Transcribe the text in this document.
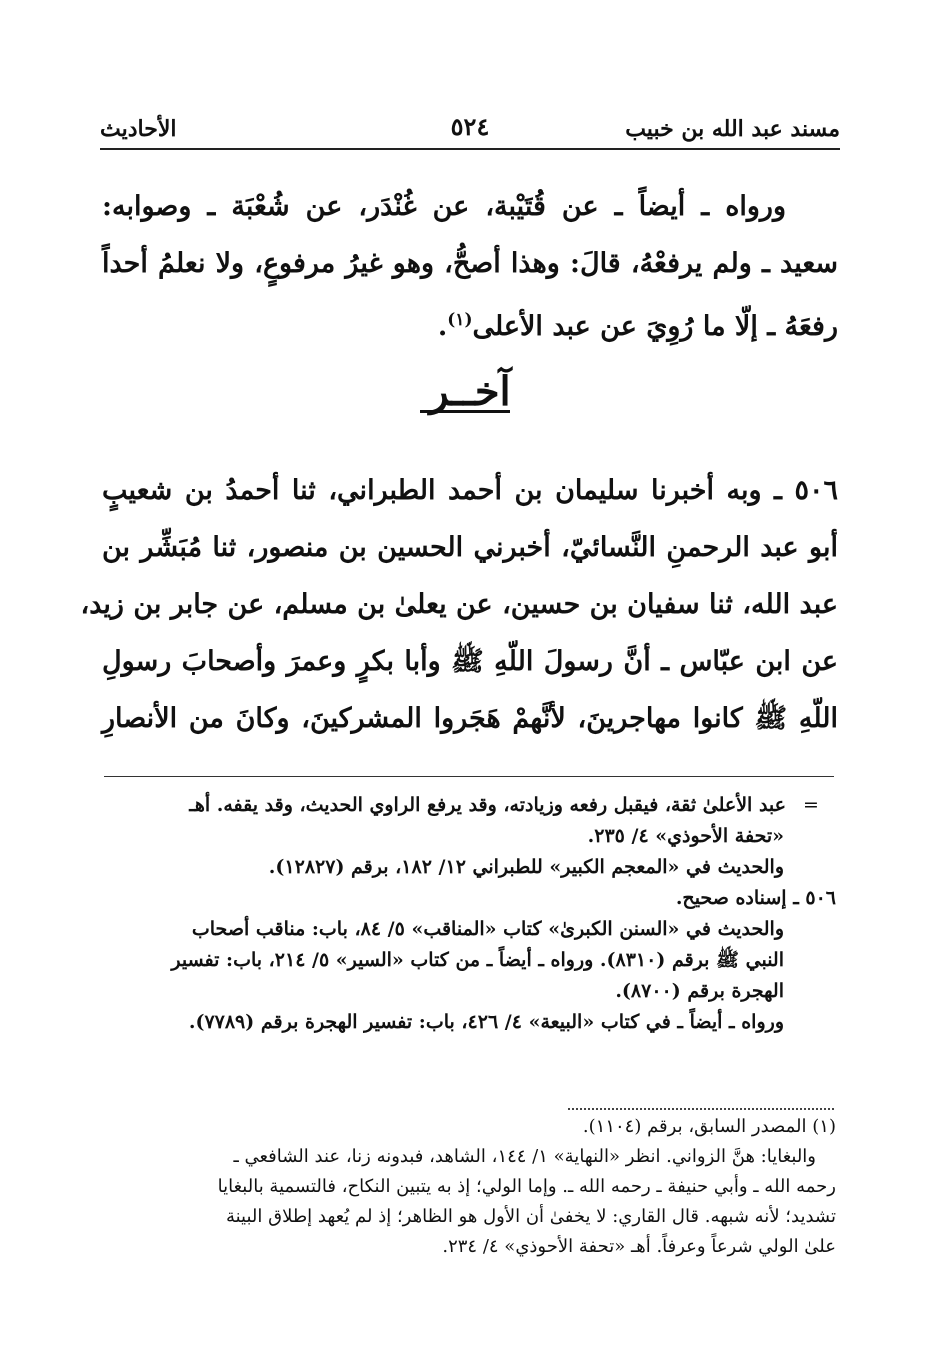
مسند عبد الله بن خبيب
٥٢٤
الأحاديث
ورواه ـ أيضاً ـ عن قُتَيْبة، عن غُنْدَر، عن شُعْبَة ـ وصوابه:
سعيد ـ ولم يرفعْهُ، قالَ: وهذا أصحُّ، وهو غيرُ مرفوعٍ، ولا نعلمُ أحداً
رفعَهُ ـ إلّا ما رُوِيَ عن عبد الأعلى$^{(١)}$.
آخــر
٥٠٦ ـ وبه أخبرنا سليمان بن أحمد الطبراني، ثنا أحمدُ بن شعيبٍ
أبو عبد الرحمنِ النَّسائيّ، أخبرني الحسين بن منصور، ثنا مُبَشِّر بن
عبد الله، ثنا سفيان بن حسين، عن يعلىٰ بن مسلم، عن جابر بن زيد،
عن ابن عبّاس ـ أنَّ رسولَ اللّهِ ﷺ وأبا بكرٍ وعمرَ وأصحابَ رسولِ
اللّهِ ﷺ كانوا مهاجرينَ، لأنَّهمْ هَجَروا المشركينَ، وكانَ من الأنصارِ
=عبد الأعلىٰ ثقة، فيقبل رفعه وزيادته، وقد يرفع الراوي الحديث، وقد يقفه. أهـ
«تحفة الأحوذي» ٤/ ٢٣٥.
والحديث في «المعجم الكبير» للطبراني ١٢/ ١٨٢، برقم (١٢٨٢٧).
٥٠٦ ـ إسناده صحيح.
والحديث في «السنن الكبرىٰ» كتاب «المناقب» ٥/ ٨٤، باب: مناقب أصحاب
النبي ﷺ برقم (٨٣١٠). ورواه ـ أيضاً ـ من كتاب «السير» ٥/ ٢١٤، باب: تفسير
الهجرة برقم (٨٧٠٠).
ورواه ـ أيضاً ـ في كتاب «البيعة» ٤/ ٤٢٦، باب: تفسير الهجرة برقم (٧٧٨٩).
(١) المصدر السابق، برقم (١١٠٤).
والبغايا: هنَّ الزواني. انظر «النهاية» ١/ ١٤٤، الشاهد، فبدونه زنا، عند الشافعي ـ
رحمه الله ـ وأبي حنيفة ـ رحمه الله ـ. وإما الولي؛ إذ به يتبين النكاح، فالتسمية بالبغايا
تشديد؛ لأنه شبهه. قال القاري: لا يخفىٰ أن الأول هو الظاهر؛ إذ لم يُعهد إطلاق البينة
علىٰ الولي شرعاً وعرفاً. أهـ «تحفة الأحوذي» ٤/ ٢٣٤.
